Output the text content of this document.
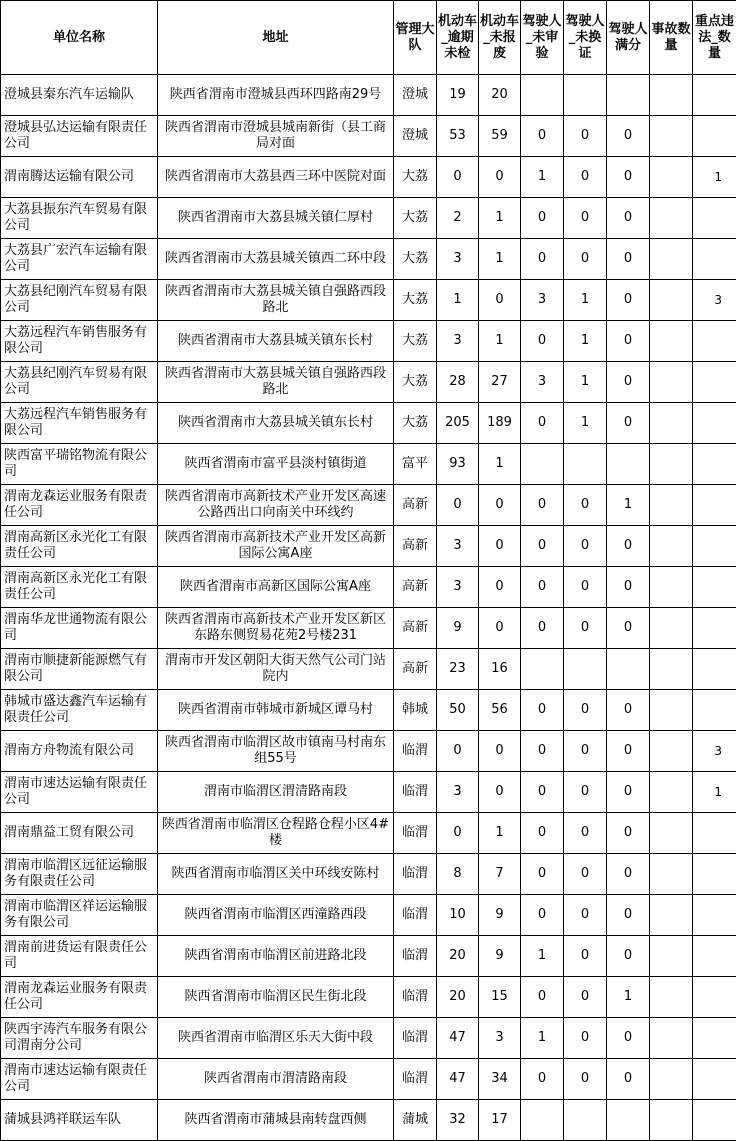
单位名称	地址	管理大队	机动车_逾期未检	机动车_未报废	驾驶人_未审验	驾驶人_未换证	驾驶人满分	事故数量	重点违法_数量

澄城县秦东汽车运输队	陕西省渭南市澄城县西环四路南29号	澄城	19	20					

澄城县弘达运输有限责任公司	陕西省渭南市澄城县城南新街（县工商局对面	澄城	53	59	0	0	0		

渭南腾达运输有限公司	陕西省渭南市大荔县西三环中医院对面	大荔	0	0	1	0	0		1

大荔县振东汽车贸易有限公司	陕西省渭南市大荔县城关镇仁厚村	大荔	2	1	0	0	0		

大荔县广宏汽车运输有限公司	陕西省渭南市大荔县城关镇西二环中段	大荔	3	1	0	0	0		

大荔县纪刚汽车贸易有限公司	陕西省渭南市大荔县城关镇自强路西段路北	大荔	1	0	3	1	0		3

大荔远程汽车销售服务有限公司	陕西省渭南市大荔县城关镇东长村	大荔	3	1	0	1	0		

大荔县纪刚汽车贸易有限公司	陕西省渭南市大荔县城关镇自强路西段路北	大荔	28	27	3	1	0		

大荔远程汽车销售服务有限公司	陕西省渭南市大荔县城关镇东长村	大荔	205	189	0	1	0		

陕西富平瑞铭物流有限公司	陕西省渭南市富平县淡村镇街道	富平	93	1					

渭南龙森运业服务有限责任公司	陕西省渭南市高新技术产业开发区高速公路西出口向南关中环线约	高新	0	0	0	0	1		

渭南高新区永光化工有限责任公司	陕西省渭南市高新技术产业开发区高新国际公寓A座	高新	3	0	0	0	0		

渭南高新区永光化工有限责任公司	陕西省渭南市高新区国际公寓A座	高新	3	0	0	0	0		

渭南华龙世通物流有限公司	陕西省渭南市高新技术产业开发区新区东路东侧贸易花苑2号楼231	高新	9	0	0	0	0		

渭南市顺捷新能源燃气有限公司	渭南市开发区朝阳大街天然气公司门站院内	高新	23	16					

韩城市盛达鑫汽车运输有限责任公司	陕西省渭南市韩城市新城区谭马村	韩城	50	56	0	0	0		

渭南方舟物流有限公司	陕西省渭南市临渭区故市镇南马村南东组55号	临渭	0	0	0	0	0		3

渭南市速达运输有限责任公司	渭南市临渭区渭清路南段	临渭	3	0	0	0	0		1

渭南鼎益工贸有限公司	陕西省渭南市临渭区仓程路仓程小区4#楼	临渭	0	1	0	0	0		

渭南市临渭区远征运输服务有限责任公司	陕西省渭南市临渭区关中环线安陈村	临渭	8	7	0	0	0		

渭南市临渭区祥运运输服务有限公司	陕西省渭南市临渭区西潼路西段	临渭	10	9	0	0	0		

渭南前进货运有限责任公司	陕西省渭南市临渭区前进路北段	临渭	20	9	1	0	0		

渭南龙森运业服务有限责任公司	陕西省渭南市临渭区民生街北段	临渭	20	15	0	0	1		

陕西宇涛汽车服务有限公司渭南分公司	陕西省渭南市临渭区乐天大街中段	临渭	47	3	1	0	0		

渭南市速达运输有限责任公司	陕西省渭南市渭清路南段	临渭	47	34	0	0	0		

蒲城县鸿祥联运车队	陕西省渭南市蒲城县南转盘西侧	蒲城	32	17					
